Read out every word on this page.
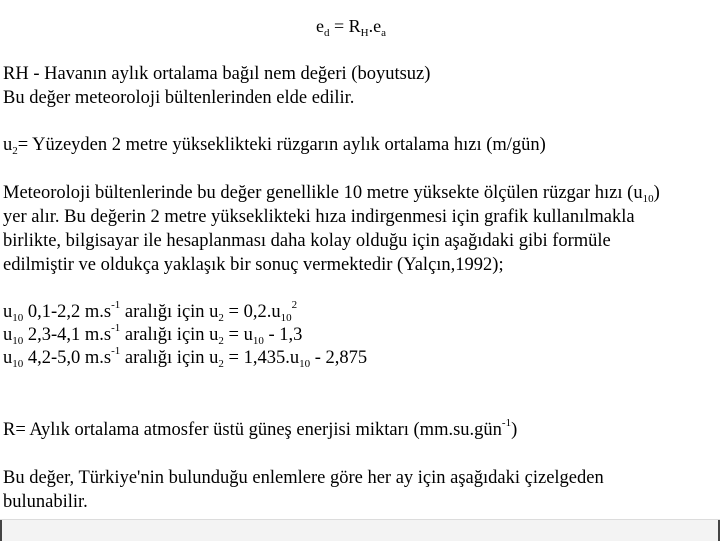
$e_d = R_H.e_a$
RH - Havanın aylık ortalama bağıl nem değeri (boyutsuz)
Bu değer meteoroloji bültenlerinden elde edilir.
$u_2=$ Yüzeyden 2 metre yükseklikteki rüzgarın aylık ortalama hızı (m/gün)
Meteoroloji bültenlerinde bu değer genellikle 10 metre yüksekte ölçülen rüzgar hızı $(u_{10})$
yer alır. Bu değerin 2 metre yükseklikteki hıza indirgenmesi için grafik kullanılmakla
birlikte, bilgisayar ile hesaplanması daha kolay olduğu için aşağıdaki gibi formüle
edilmiştir ve oldukça yaklaşık bir sonuç vermektedir (Yalçın,1992);
$u_{10}$ 0,1-2,2 $m.s^{-1}$ aralığı için $u_2 = 0,2.u_{10}^2$
$u_{10}$ 2,3-4,1 $m.s^{-1}$ aralığı için $u_2 = u_{10} - 1,3$
$u_{10}$ 4,2-5,0 $m.s^{-1}$ aralığı için $u_2 = 1,435.u_{10} - 2,875$
R= Aylık ortalama atmosfer üstü güneş enerjisi miktarı (mm.su.gün$^{-1}$)
Bu değer, Türkiye'nin bulunduğu enlemlere göre her ay için aşağıdaki çizelgeden
bulunabilir.
